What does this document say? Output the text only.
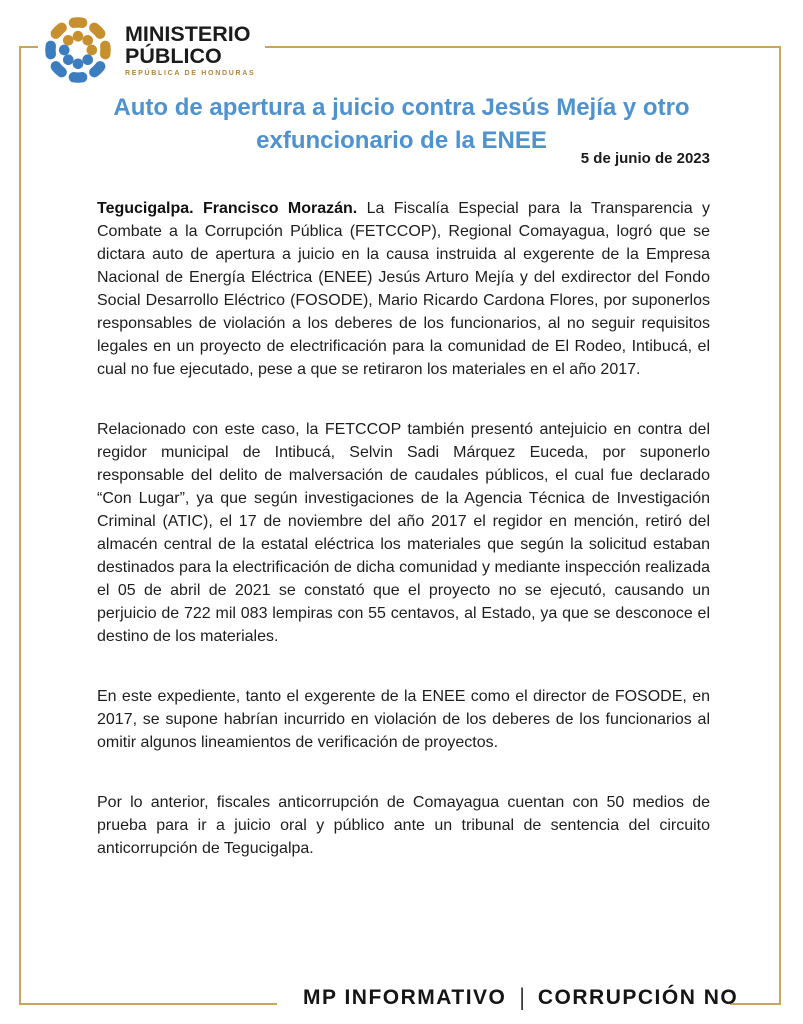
MINISTERIO
PÚBLICO
REPÚBLICA DE HONDURAS
Auto de apertura a juicio contra Jesús Mejía y otro
exfuncionario de la ENEE
5 de junio de 2023

Tegucigalpa. Francisco Morazán. La Fiscalía Especial para la Transparencia y Combate a la Corrupción Pública (FETCCOP), Regional Comayagua, logró que se dictara auto de apertura a juicio en la causa instruida al exgerente de la Empresa Nacional de Energía Eléctrica (ENEE) Jesús Arturo Mejía y del exdirector del Fondo Social Desarrollo Eléctrico (FOSODE), Mario Ricardo Cardona Flores, por suponerlos responsables de violación a los deberes de los funcionarios, al no seguir requisitos legales en un proyecto de electrificación para la comunidad de El Rodeo, Intibucá, el cual no fue ejecutado, pese a que se retiraron los materiales en el año 2017.

Relacionado con este caso, la FETCCOP también presentó antejuicio en contra del regidor municipal de Intibucá, Selvin Sadi Márquez Euceda, por suponerlo responsable del delito de malversación de caudales públicos, el cual fue declarado “Con Lugar”, ya que según investigaciones de la Agencia Técnica de Investigación Criminal (ATIC), el 17 de noviembre del año 2017 el regidor en mención, retiró del almacén central de la estatal eléctrica los materiales que según la solicitud estaban destinados para la electrificación de dicha comunidad y mediante inspección realizada el 05 de abril de 2021 se constató que el proyecto no se ejecutó, causando un perjuicio de 722 mil 083 lempiras con 55 centavos, al Estado, ya que se desconoce el destino de los materiales.

En este expediente, tanto el exgerente de la ENEE como el director de FOSODE, en 2017, se supone habrían incurrido en violación de los deberes de los funcionarios al omitir algunos lineamientos de verificación de proyectos.

Por lo anterior, fiscales anticorrupción de Comayagua cuentan con 50 medios de prueba para ir a juicio oral y público ante un tribunal de sentencia del circuito anticorrupción de Tegucigalpa.

MP INFORMATIVO | CORRUPCIÓN NO
